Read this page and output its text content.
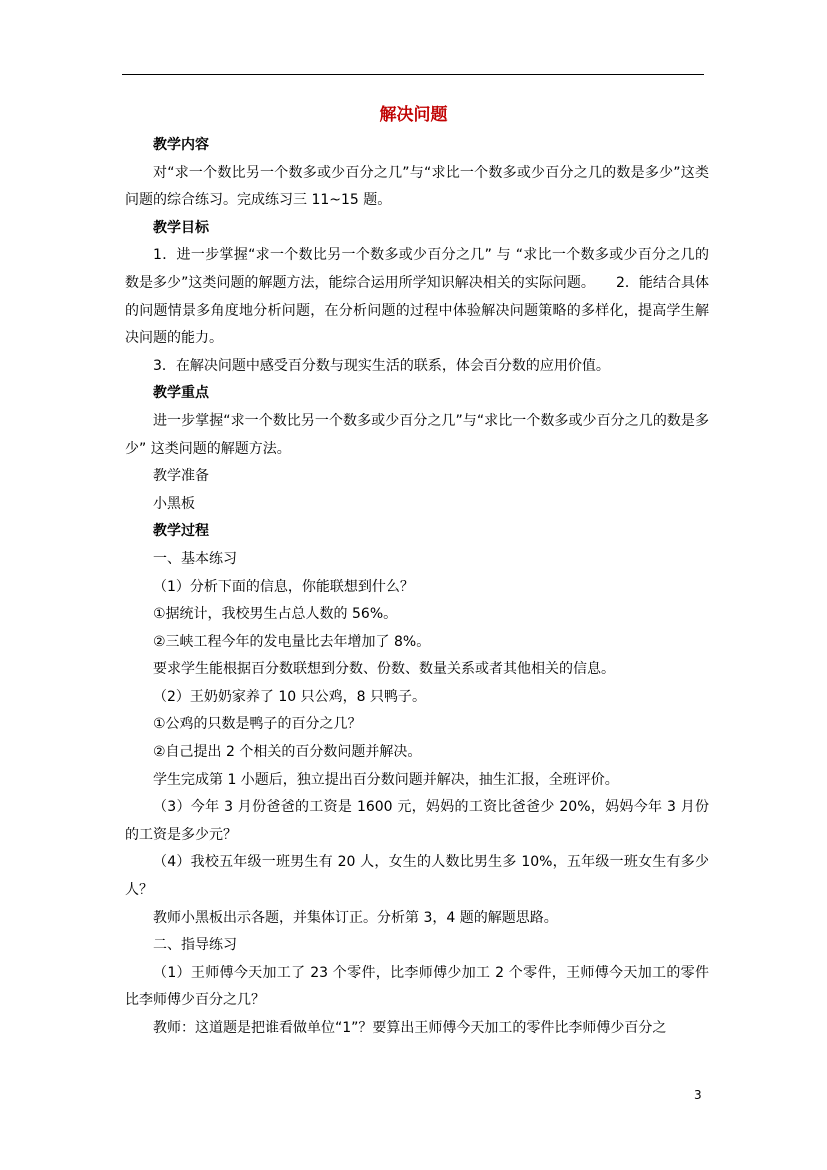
解决问题

教学内容

对“求一个数比另一个数多或少百分之几”与“求比一个数多或少百分之几的数是多少”这类问题的综合练习。完成练习三 11~15 题。

教学目标

1．进一步掌握“求一个数比另一个数多或少百分之几” 与 “求比一个数多或少百分之几的数是多少”这类问题的解题方法，能综合运用所学知识解决相关的实际问题。　　2．能结合具体的问题情景多角度地分析问题，在分析问题的过程中体验解决问题策略的多样化，提高学生解决问题的能力。

3．在解决问题中感受百分数与现实生活的联系，体会百分数的应用价值。

教学重点

进一步掌握“求一个数比另一个数多或少百分之几”与“求比一个数多或少百分之几的数是多少” 这类问题的解题方法。

教学准备

小黑板

教学过程

一、基本练习

（1）分析下面的信息，你能联想到什么？

①据统计，我校男生占总人数的 56%。

②三峡工程今年的发电量比去年增加了 8%。

要求学生能根据百分数联想到分数、份数、数量关系或者其他相关的信息。

（2）王奶奶家养了 10 只公鸡，8 只鸭子。

①公鸡的只数是鸭子的百分之几？

②自己提出 2 个相关的百分数问题并解决。

学生完成第 1 小题后，独立提出百分数问题并解决，抽生汇报，全班评价。

（3）今年 3 月份爸爸的工资是 1600 元，妈妈的工资比爸爸少 20%，妈妈今年 3 月份的工资是多少元？

（4）我校五年级一班男生有 20 人，女生的人数比男生多 10%，五年级一班女生有多少人？

教师小黑板出示各题，并集体订正。分析第 3，4 题的解题思路。

二、指导练习

（1）王师傅今天加工了 23 个零件，比李师傅少加工 2 个零件，王师傅今天加工的零件比李师傅少百分之几？

教师：这道题是把谁看做单位“1”？要算出王师傅今天加工的零件比李师傅少百分之

3
